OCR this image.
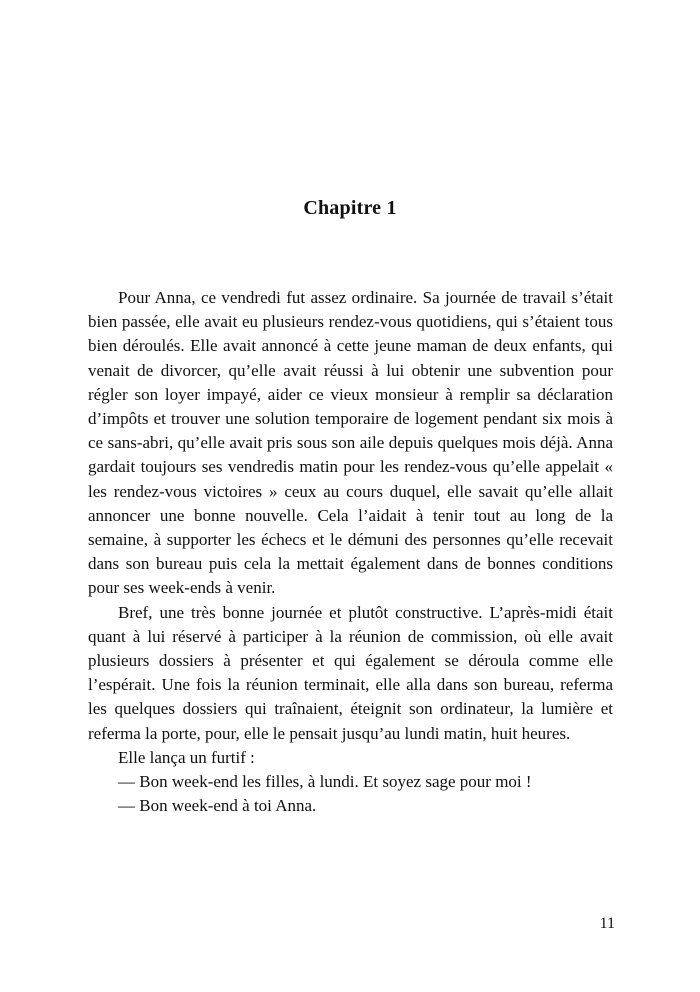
Chapitre 1

Pour Anna, ce vendredi fut assez ordinaire. Sa journée de travail s’était bien passée, elle avait eu plusieurs rendez-vous quotidiens, qui s’étaient tous bien déroulés. Elle avait annoncé à cette jeune maman de deux enfants, qui venait de divorcer, qu’elle avait réussi à lui obtenir une subvention pour régler son loyer impayé, aider ce vieux monsieur à remplir sa déclaration d’impôts et trouver une solution temporaire de logement pendant six mois à ce sans-abri, qu’elle avait pris sous son aile depuis quelques mois déjà. Anna gardait toujours ses vendredis matin pour les rendez-vous qu’elle appelait « les rendez-vous victoires » ceux au cours duquel, elle savait qu’elle allait annoncer une bonne nouvelle. Cela l’aidait à tenir tout au long de la semaine, à supporter les échecs et le démuni des personnes qu’elle recevait dans son bureau puis cela la mettait également dans de bonnes conditions pour ses week-ends à venir.

Bref, une très bonne journée et plutôt constructive. L’après-midi était quant à lui réservé à participer à la réunion de commission, où elle avait plusieurs dossiers à présenter et qui également se déroula comme elle l’espérait. Une fois la réunion terminait, elle alla dans son bureau, referma les quelques dossiers qui traînaient, éteignit son ordinateur, la lumière et referma la porte, pour, elle le pensait jusqu’au lundi matin, huit heures.

Elle lança un furtif :

— Bon week-end les filles, à lundi. Et soyez sage pour moi !

— Bon week-end à toi Anna.

11
